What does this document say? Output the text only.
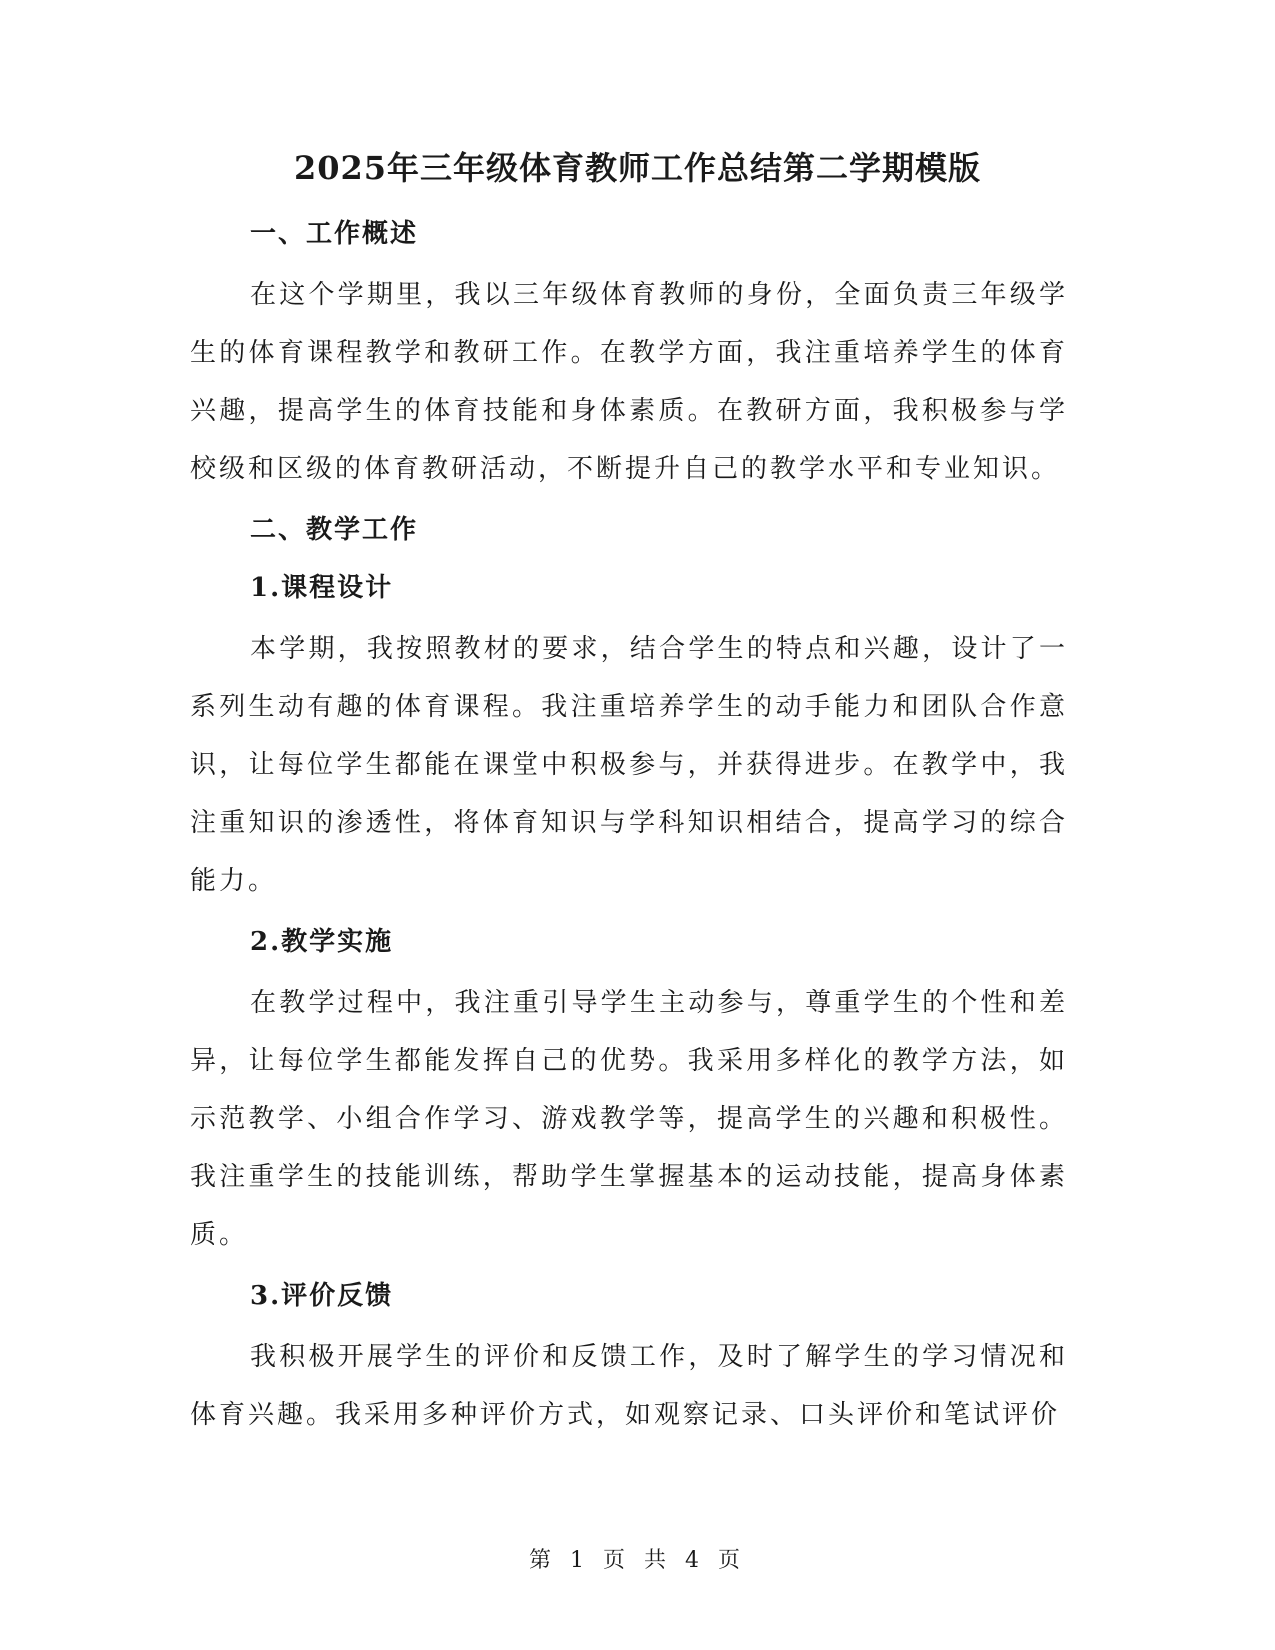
2025年三年级体育教师工作总结第二学期模版
一、工作概述
在这个学期里，我以三年级体育教师的身份，全面负责三年级学生的体育课程教学和教研工作。在教学方面，我注重培养学生的体育兴趣，提高学生的体育技能和身体素质。在教研方面，我积极参与学校级和区级的体育教研活动，不断提升自己的教学水平和专业知识。
二、教学工作
1.课程设计
本学期，我按照教材的要求，结合学生的特点和兴趣，设计了一系列生动有趣的体育课程。我注重培养学生的动手能力和团队合作意识，让每位学生都能在课堂中积极参与，并获得进步。在教学中，我注重知识的渗透性，将体育知识与学科知识相结合，提高学习的综合能力。
2.教学实施
在教学过程中，我注重引导学生主动参与，尊重学生的个性和差异，让每位学生都能发挥自己的优势。我采用多样化的教学方法，如示范教学、小组合作学习、游戏教学等，提高学生的兴趣和积极性。我注重学生的技能训练，帮助学生掌握基本的运动技能，提高身体素质。
3.评价反馈
我积极开展学生的评价和反馈工作，及时了解学生的学习情况和体育兴趣。我采用多种评价方式，如观察记录、口头评价和笔试评价
第 1 页 共 4 页
